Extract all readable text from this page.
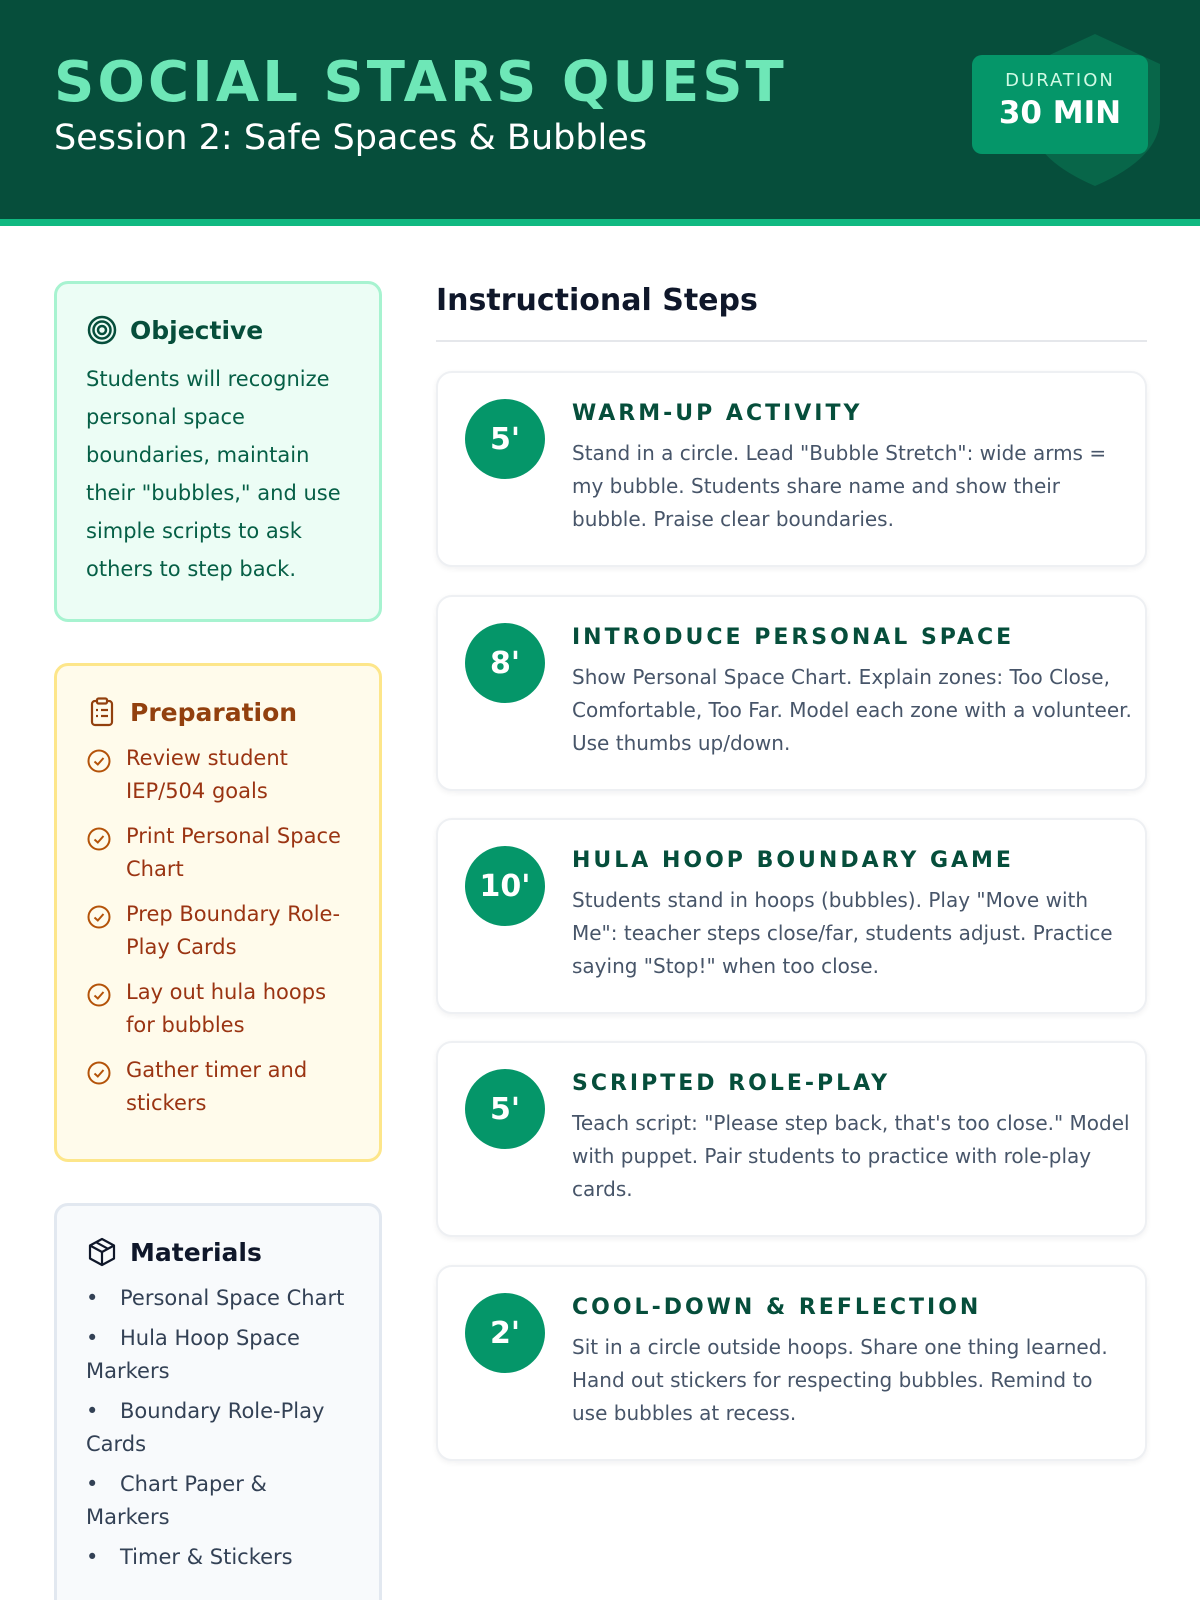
SOCIAL STARS QUEST
Session 2: Safe Spaces & Bubbles
DURATION
30 MIN
Objective
Students will recognize personal space boundaries, maintain their "bubbles," and use simple scripts to ask others to step back.
Preparation
Review student IEP/504 goals
Print Personal Space Chart
Prep Boundary Role-Play Cards
Lay out hula hoops for bubbles
Gather timer and stickers
Materials
• Personal Space Chart
• Hula Hoop Space Markers
• Boundary Role-Play Cards
• Chart Paper & Markers
• Timer & Stickers
Instructional Steps
5'
WARM-UP ACTIVITY
Stand in a circle. Lead "Bubble Stretch": wide arms = my bubble. Students share name and show their bubble. Praise clear boundaries.
8'
INTRODUCE PERSONAL SPACE
Show Personal Space Chart. Explain zones: Too Close, Comfortable, Too Far. Model each zone with a volunteer. Use thumbs up/down.
10'
HULA HOOP BOUNDARY GAME
Students stand in hoops (bubbles). Play "Move with Me": teacher steps close/far, students adjust. Practice saying "Stop!" when too close.
5'
SCRIPTED ROLE-PLAY
Teach script: "Please step back, that's too close." Model with puppet. Pair students to practice with role-play cards.
2'
COOL-DOWN & REFLECTION
Sit in a circle outside hoops. Share one thing learned. Hand out stickers for respecting bubbles. Remind to use bubbles at recess.
